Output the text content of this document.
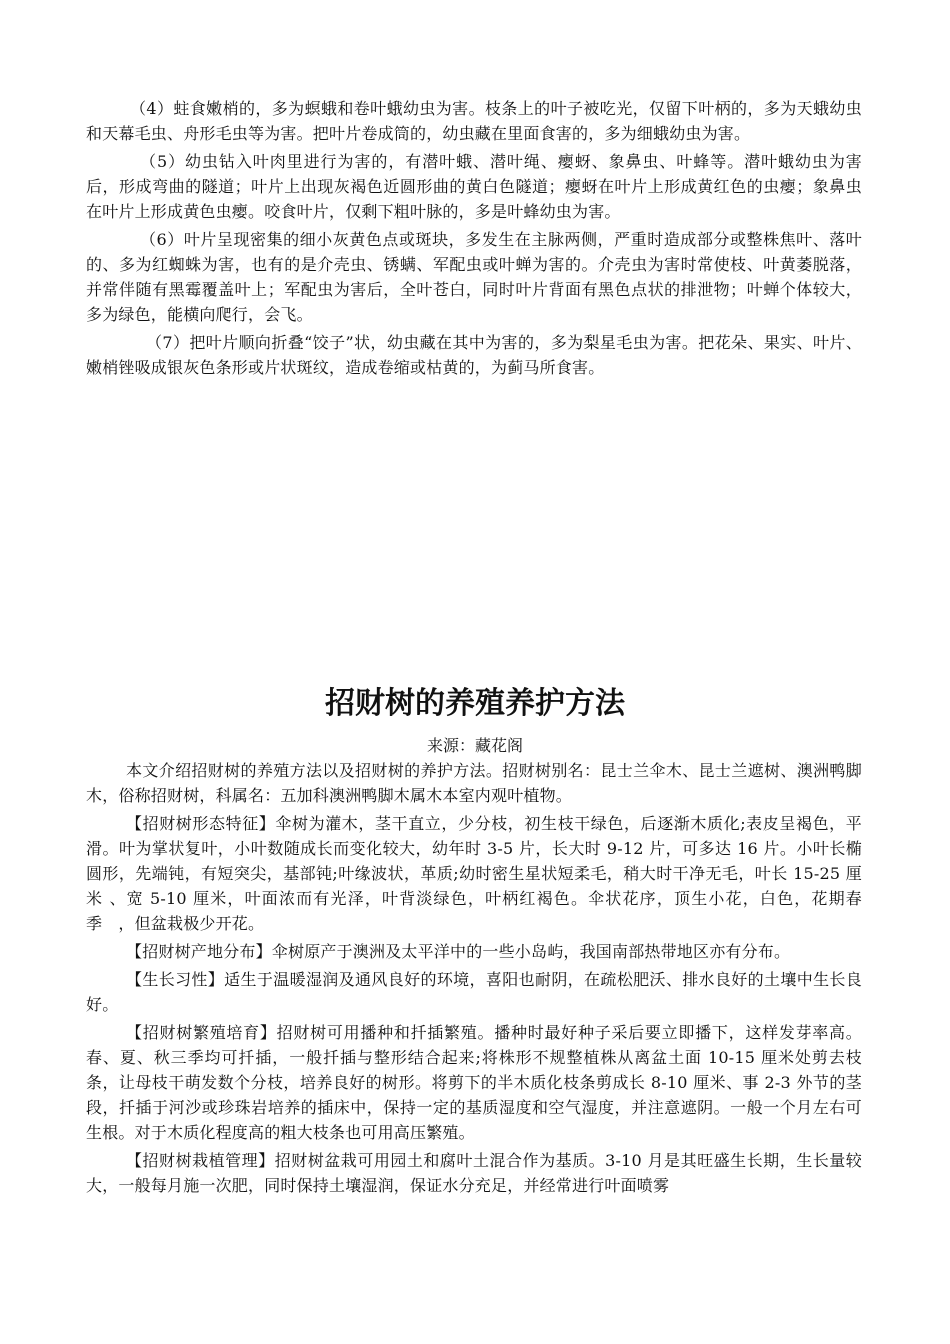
（4）蛀食嫩梢的，多为螟蛾和卷叶蛾幼虫为害。枝条上的叶子被吃光，仅留下叶柄的，多为天蛾幼虫和天幕毛虫、舟形毛虫等为害。把叶片卷成筒的，幼虫藏在里面食害的，多为细蛾幼虫为害。

（5）幼虫钻入叶肉里进行为害的，有潜叶蛾、潜叶绳、瘿蚜、象鼻虫、叶蜂等。潜叶蛾幼虫为害后，形成弯曲的隧道；叶片上出现灰褐色近圆形曲的黄白色隧道；瘿蚜在叶片上形成黄红色的虫瘿；象鼻虫在叶片上形成黄色虫瘿。咬食叶片，仅剩下粗叶脉的，多是叶蜂幼虫为害。

（6）叶片呈现密集的细小灰黄色点或斑块，多发生在主脉两侧，严重时造成部分或整株焦叶、落叶的、多为红蜘蛛为害，也有的是介壳虫、锈螨、军配虫或叶蝉为害的。介壳虫为害时常使枝、叶黄萎脱落，并常伴随有黑霉覆盖叶上；军配虫为害后，全叶苍白，同时叶片背面有黑色点状的排泄物；叶蝉个体较大，多为绿色，能横向爬行，会飞。

（7）把叶片顺向折叠“饺子”状，幼虫藏在其中为害的，多为梨星毛虫为害。把花朵、果实、叶片、嫩梢锉吸成银灰色条形或片状斑纹，造成卷缩或枯黄的，为蓟马所食害。

招财树的养殖养护方法
来源：藏花阁

本文介绍招财树的养殖方法以及招财树的养护方法。招财树别名：昆士兰伞木、昆士兰遮树、澳洲鸭脚木，俗称招财树，科属名：五加科澳洲鸭脚木属木本室内观叶植物。

【招财树形态特征】伞树为灌木，茎干直立，少分枝，初生枝干绿色，后逐渐木质化;表皮呈褐色，平滑。叶为掌状复叶，小叶数随成长而变化较大，幼年时 3-5 片，长大时 9-12 片，可多达 16 片。小叶长椭圆形，先端钝，有短突尖，基部钝;叶缘波状，革质;幼时密生星状短柔毛，稍大时干净无毛，叶长 15-25 厘米 、宽 5-10 厘米，叶面浓而有光泽，叶背淡绿色，叶柄红褐色。伞状花序，顶生小花，白色，花期春季　，但盆栽极少开花。

【招财树产地分布】伞树原产于澳洲及太平洋中的一些小岛屿，我国南部热带地区亦有分布。

【生长习性】适生于温暖湿润及通风良好的环境，喜阳也耐阴，在疏松肥沃、排水良好的土壤中生长良好。

【招财树繁殖培育】招财树可用播种和扦插繁殖。播种时最好种子采后要立即播下，这样发芽率高。春、夏、秋三季均可扦插，一般扦插与整形结合起来;将株形不规整植株从离盆土面 10-15 厘米处剪去枝条，让母枝干萌发数个分枝，培养良好的树形。将剪下的半木质化枝条剪成长 8-10 厘米、事 2-3 外节的茎段，扦插于河沙或珍珠岩培养的插床中，保持一定的基质湿度和空气湿度，并注意遮阴。一般一个月左右可生根。对于木质化程度高的粗大枝条也可用高压繁殖。

【招财树栽植管理】招财树盆栽可用园土和腐叶土混合作为基质。3-10 月是其旺盛生长期，生长量较大，一般每月施一次肥，同时保持土壤湿润，保证水分充足，并经常进行叶面喷雾
